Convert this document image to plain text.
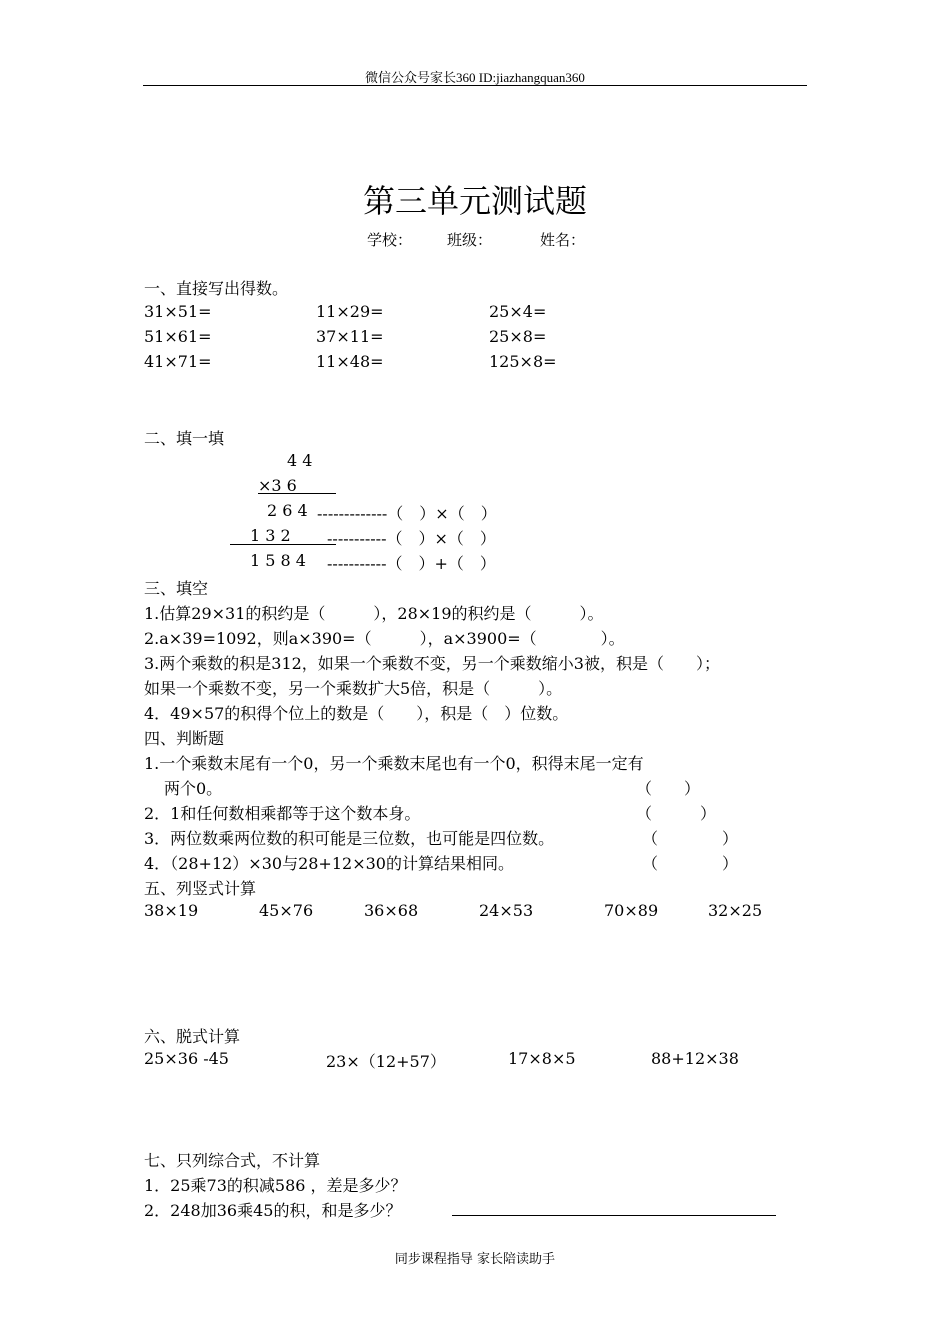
微信公众号家长360 ID:jiazhangquan360
第三单元测试题
学校： 班级：	姓名：
一、直接写出得数。
31×51=	11×29=	25×4=
51×61=	37×11=	25×8=
41×71=	11×48=	125×8=
二、填一填
4 4
×3 6
2 6 4 -------------（　）×（　）
1 3 2 -----------（　）×（　）
1 5 8 4 -----------（　）+（　）
三、填空
1.估算29×31的积约是（　　　），28×19的积约是（　　　）。
2.a×39=1092，则a×390=（　　　），a×3900=（　　　　）。
3.两个乘数的积是312，如果一个乘数不变，另一个乘数缩小3被，积是（　　）；
如果一个乘数不变，另一个乘数扩大5倍，积是（　　　）。
4．49×57的积得个位上的数是（　　），积是（　）位数。
四、判断题
1.一个乘数末尾有一个0，另一个乘数末尾也有一个0，积得末尾一定有
两个0。	（　　）
2．1和任何数相乘都等于这个数本身。	（　　　）
3．两位数乘两位数的积可能是三位数，也可能是四位数。	（　　　　）
4．（28+12）×30与28+12×30的计算结果相同。	（　　　　）
五、列竖式计算
38×19	45×76	36×68	24×53	70×89	32×25
六、脱式计算
25×36 -45	23×（12+57）	17×8×5	88+12×38
七、只列综合式，不计算
1．25乘73的积减586 ，差是多少？
2．248加36乘45的积，和是多少？
同步课程指导 家长陪读助手
